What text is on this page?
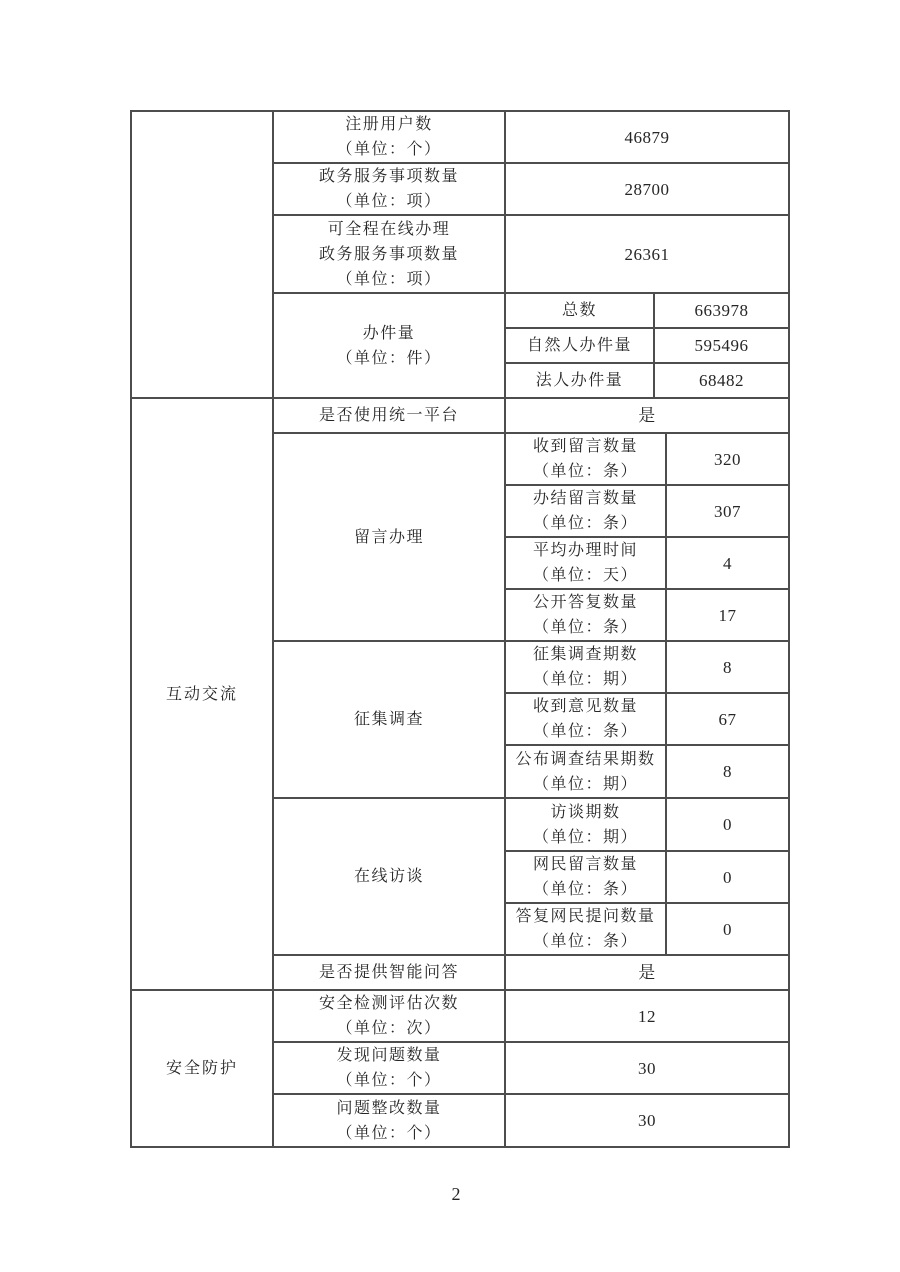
	注册用户数
（单位：个）	46879		

	政务服务事项数量
（单位：项）	28700		

	可全程在线办理
政务服务事项数量
（单位：项）	26361		

	办件量
（单位：件）	总数	663978	
		自然人办件量	595496	
		法人办件量	68482	
互动交流	是否使用统一平台	是		
	留言办理	收到留言数量
（单位：条）		320

		办结留言数量
（单位：条）		307

		平均办理时间
（单位：天）		4

		公开答复数量
（单位：条）		17
	征集调查	征集调查期数
（单位：期）		8

		收到意见数量
（单位：条）		67

		公布调查结果期数
（单位：期）		8
	在线访谈	访谈期数
（单位：期）		0

		网民留言数量
（单位：条）		0

		答复网民提问数量
（单位：条）		0
	是否提供智能问答	是		
安全防护	安全检测评估次数
（单位：次）	12		

	发现问题数量
（单位：个）	30		

	问题整改数量
（单位：个）	30		
2
